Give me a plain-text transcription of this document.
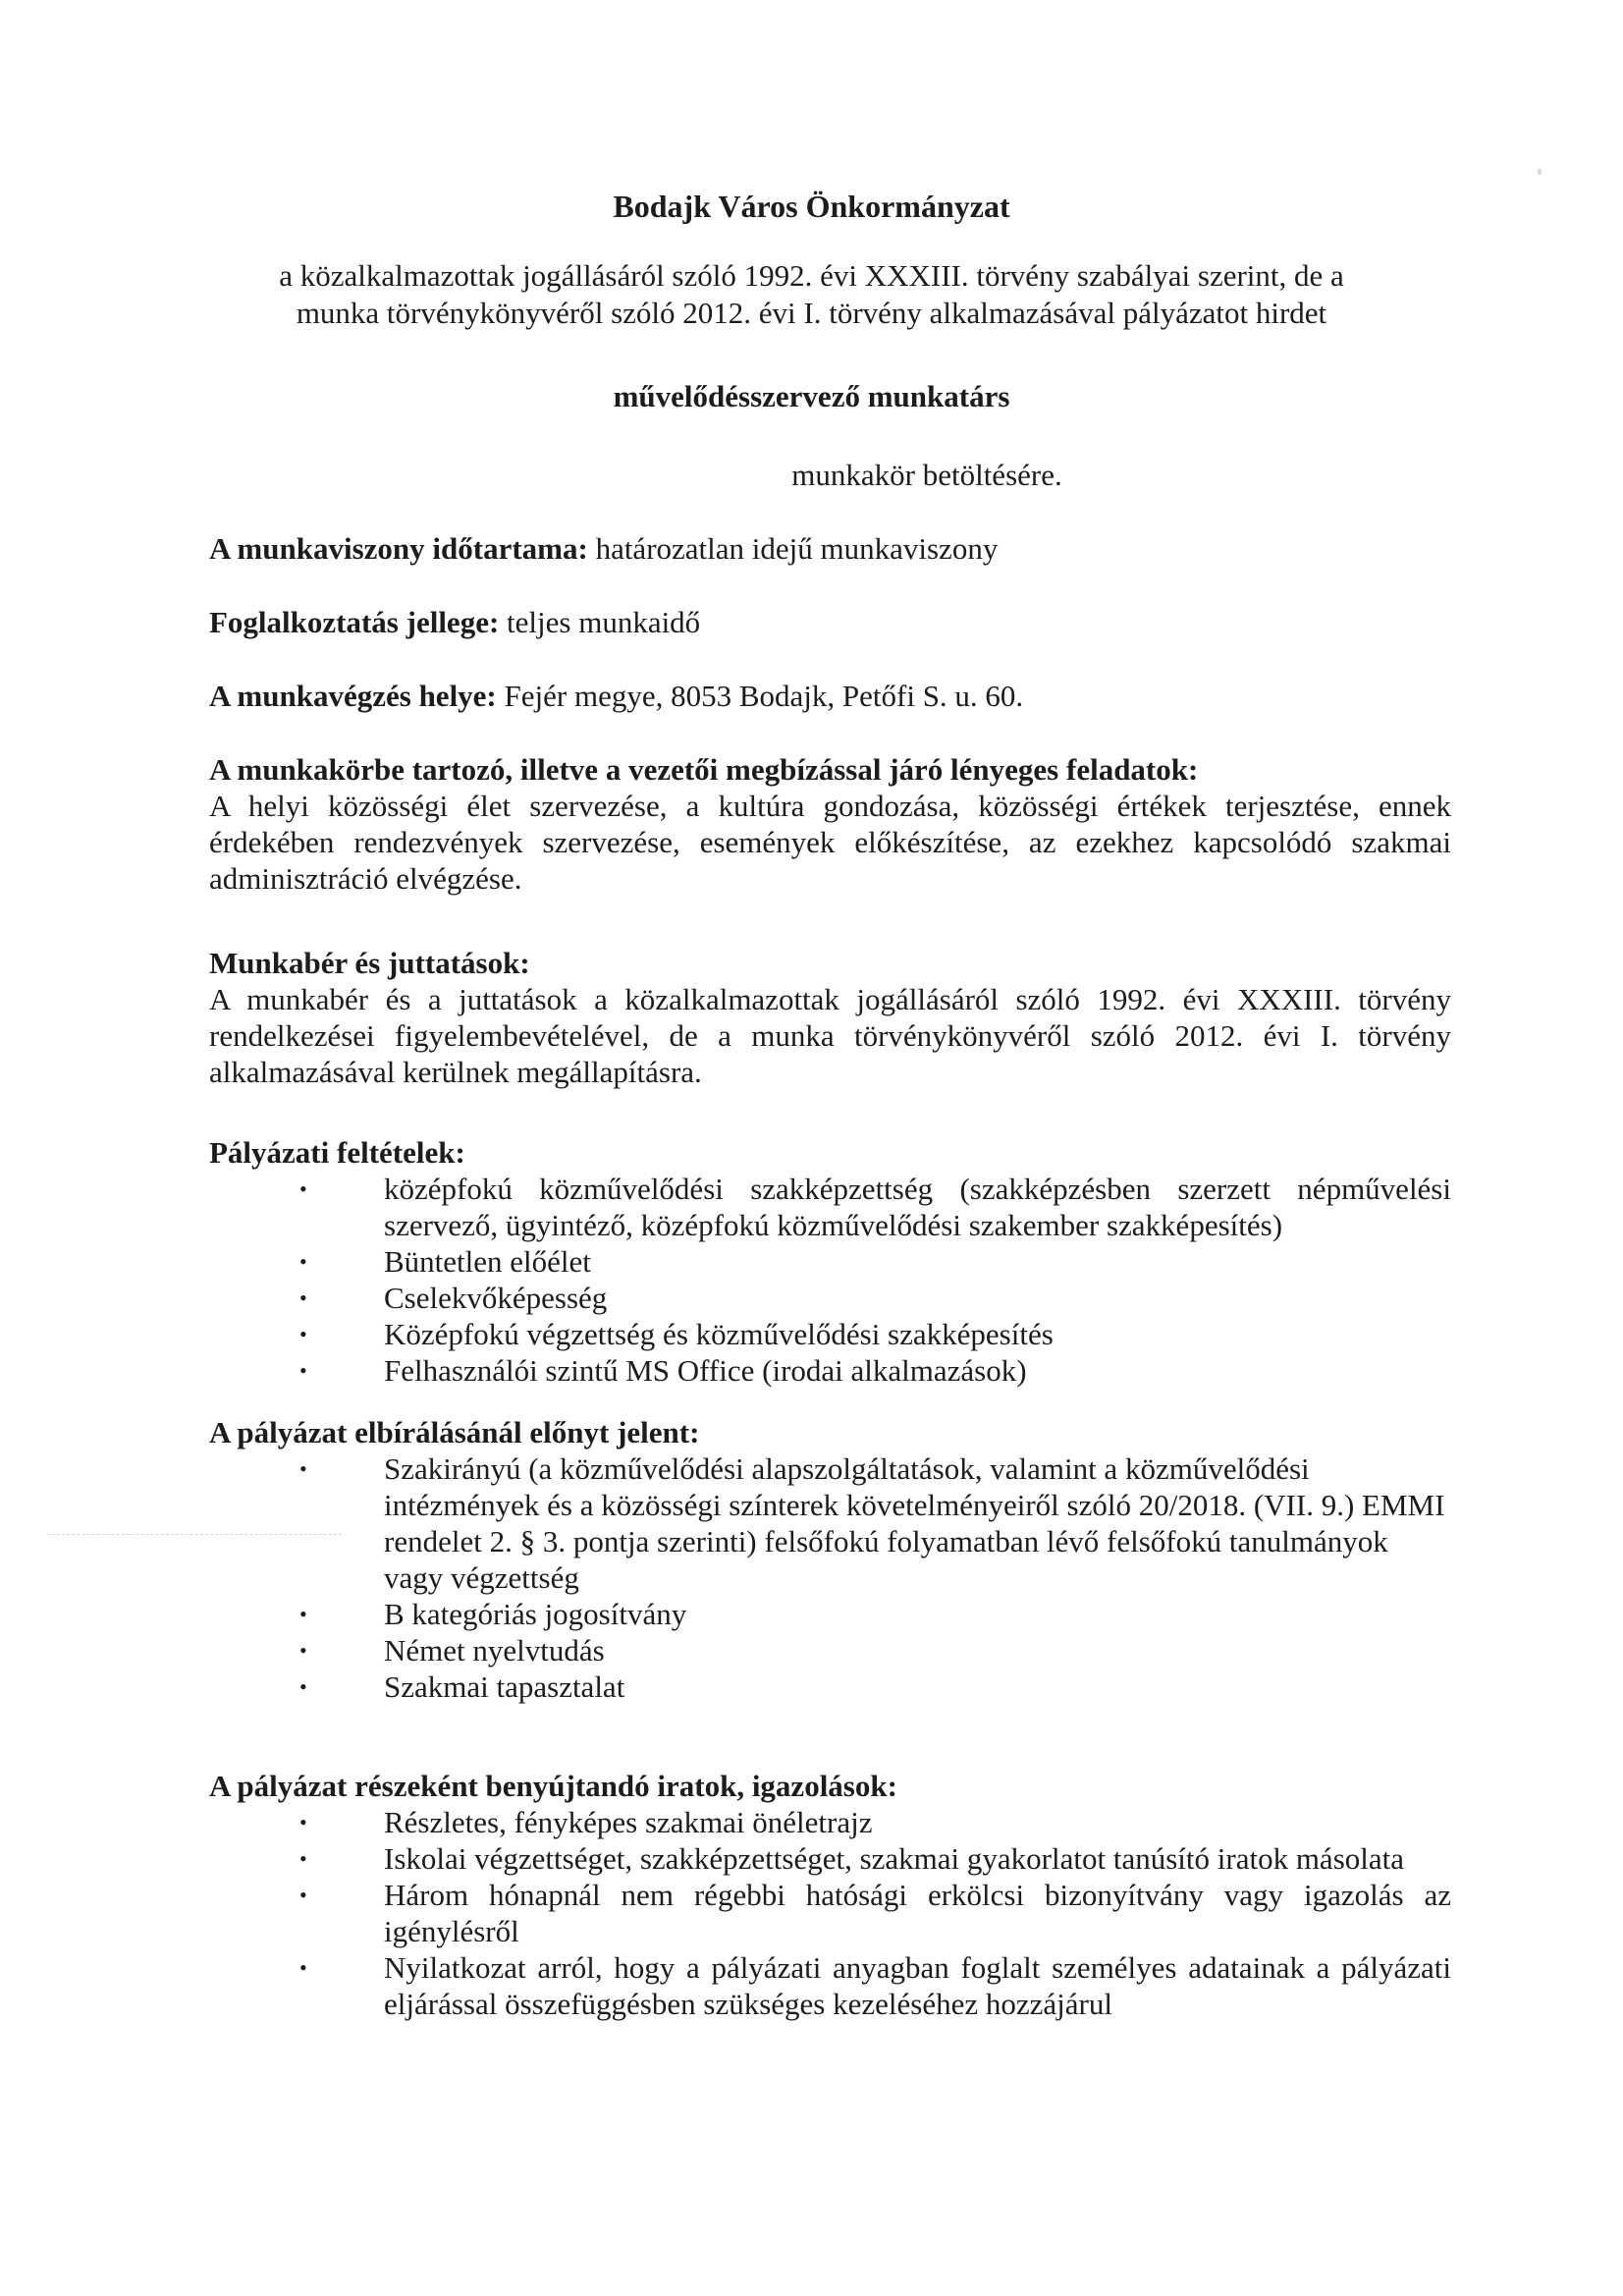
Bodajk Város Önkormányzat
a közalkalmazottak jogállásáról szóló 1992. évi XXXIII. törvény szabályai szerint, de a
munka törvénykönyvéről szóló 2012. évi I. törvény alkalmazásával pályázatot hirdet
művelődésszervező munkatárs
munkakör betöltésére.
A munkaviszony időtartama: határozatlan idejű munkaviszony
Foglalkoztatás jellege: teljes munkaidő
A munkavégzés helye: Fejér megye, 8053 Bodajk, Petőfi S. u. 60.
A munkakörbe tartozó, illetve a vezetői megbízással járó lényeges feladatok:
A helyi közösségi élet szervezése, a kultúra gondozása, közösségi értékek terjesztése, ennek érdekében rendezvények szervezése, események előkészítése, az ezekhez kapcsolódó szakmai adminisztráció elvégzése.
Munkabér és juttatások:
A munkabér és a juttatások a közalkalmazottak jogállásáról szóló 1992. évi XXXIII. törvény rendelkezései figyelembevételével, de a munka törvénykönyvéről szóló 2012. évi I. törvény alkalmazásával kerülnek megállapításra.
Pályázati feltételek:
•	középfokú közművelődési szakképzettség (szakképzésben szerzett népművelési szervező, ügyintéző, középfokú közművelődési szakember szakképesítés)
•	Büntetlen előélet
•	Cselekvőképesség
•	Középfokú végzettség és közművelődési szakképesítés
•	Felhasználói szintű MS Office (irodai alkalmazások)
A pályázat elbírálásánál előnyt jelent:
•	Szakirányú (a közművelődési alapszolgáltatások, valamint a közművelődési intézmények és a közösségi színterek követelményeiről szóló 20/2018. (VII. 9.) EMMI rendelet 2. § 3. pontja szerinti) felsőfokú folyamatban lévő felsőfokú tanulmányok vagy végzettség
•	B kategóriás jogosítvány
•	Német nyelvtudás
•	Szakmai tapasztalat
A pályázat részeként benyújtandó iratok, igazolások:
•	Részletes, fényképes szakmai önéletrajz
•	Iskolai végzettséget, szakképzettséget, szakmai gyakorlatot tanúsító iratok másolata
•	Három hónapnál nem régebbi hatósági erkölcsi bizonyítvány vagy igazolás az igénylésről
•	Nyilatkozat arról, hogy a pályázati anyagban foglalt személyes adatainak a pályázati eljárással összefüggésben szükséges kezeléséhez hozzájárul
